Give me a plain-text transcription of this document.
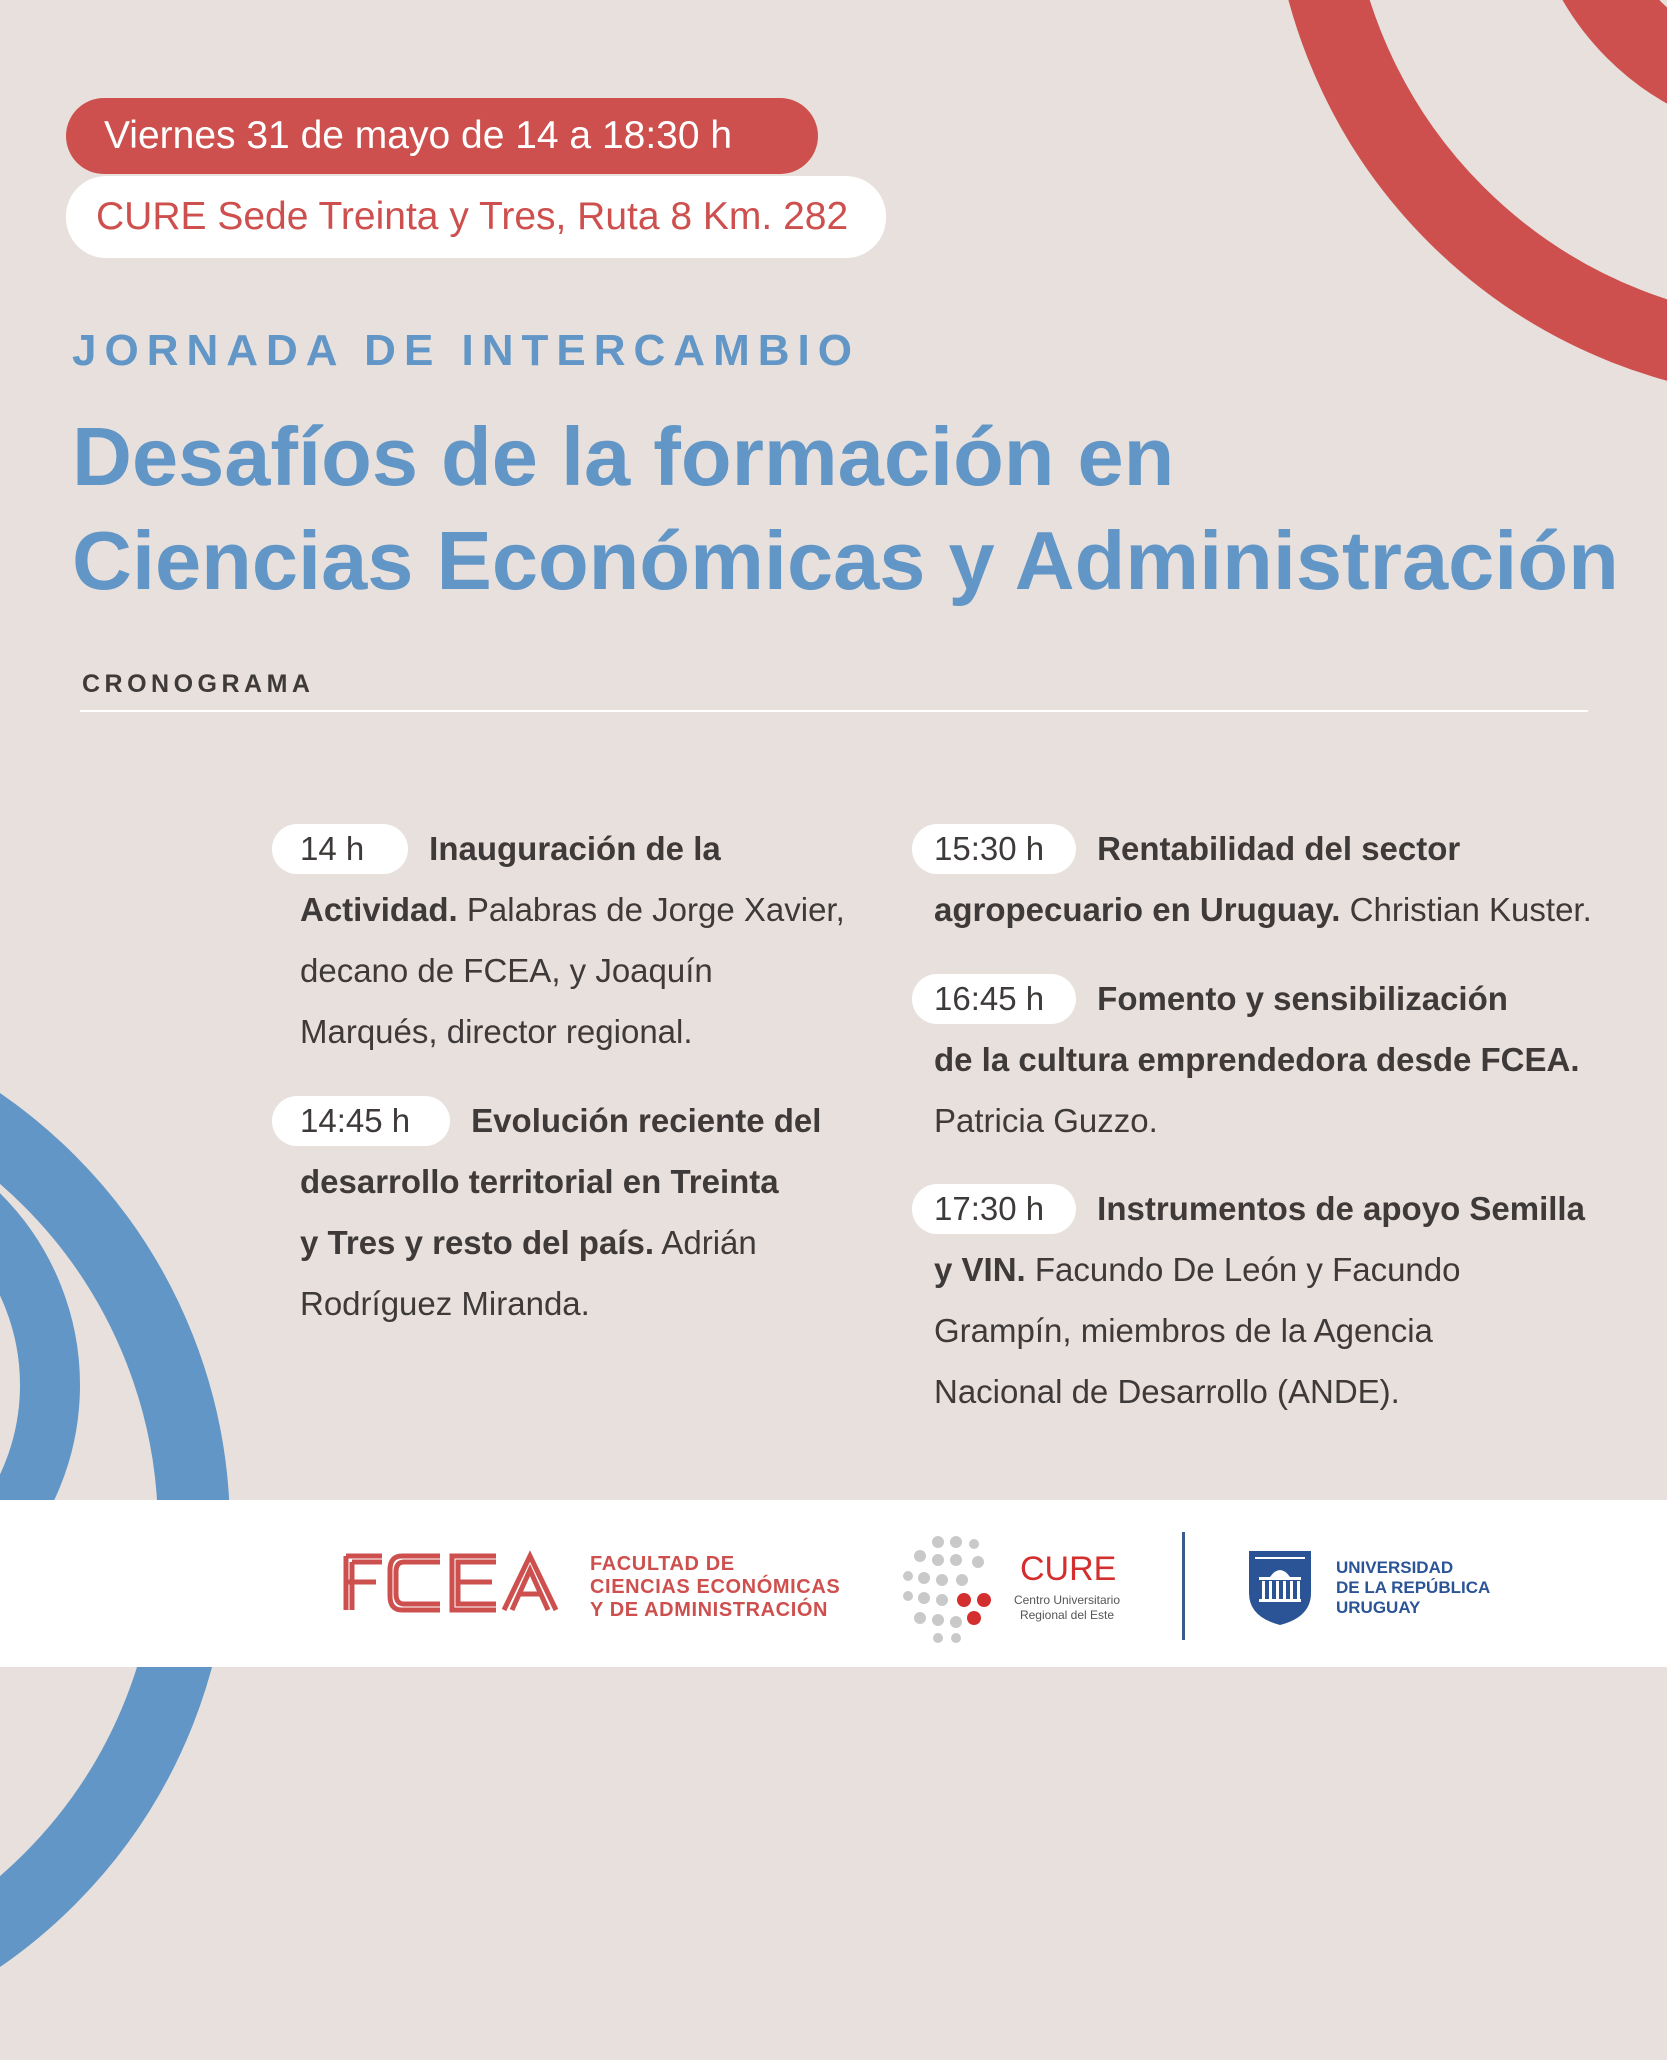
Viernes 31 de mayo de 14 a 18:30 h
CURE Sede Treinta y Tres, Ruta 8 Km. 282
JORNADA DE INTERCAMBIO
Desafíos de la formación en
Ciencias Económicas y Administración
CRONOGRAMA
14 h Inauguración de la
Actividad. Palabras de Jorge Xavier,
decano de FCEA, y Joaquín
Marqués, director regional.
14:45 h Evolución reciente del
desarrollo territorial en Treinta
y Tres y resto del país. Adrián
Rodríguez Miranda.
15:30 h Rentabilidad del sector
agropecuario en Uruguay. Christian Kuster.
16:45 h Fomento y sensibilización
de la cultura emprendedora desde FCEA.
Patricia Guzzo.
17:30 h Instrumentos de apoyo Semilla
y VIN. Facundo De León y Facundo
Grampín, miembros de la Agencia
Nacional de Desarrollo (ANDE).
FCEA
FACULTAD DE
CIENCIAS ECONÓMICAS
Y DE ADMINISTRACIÓN
CURE
Centro Universitario
Regional del Este
UNIVERSIDAD
DE LA REPÚBLICA
URUGUAY
